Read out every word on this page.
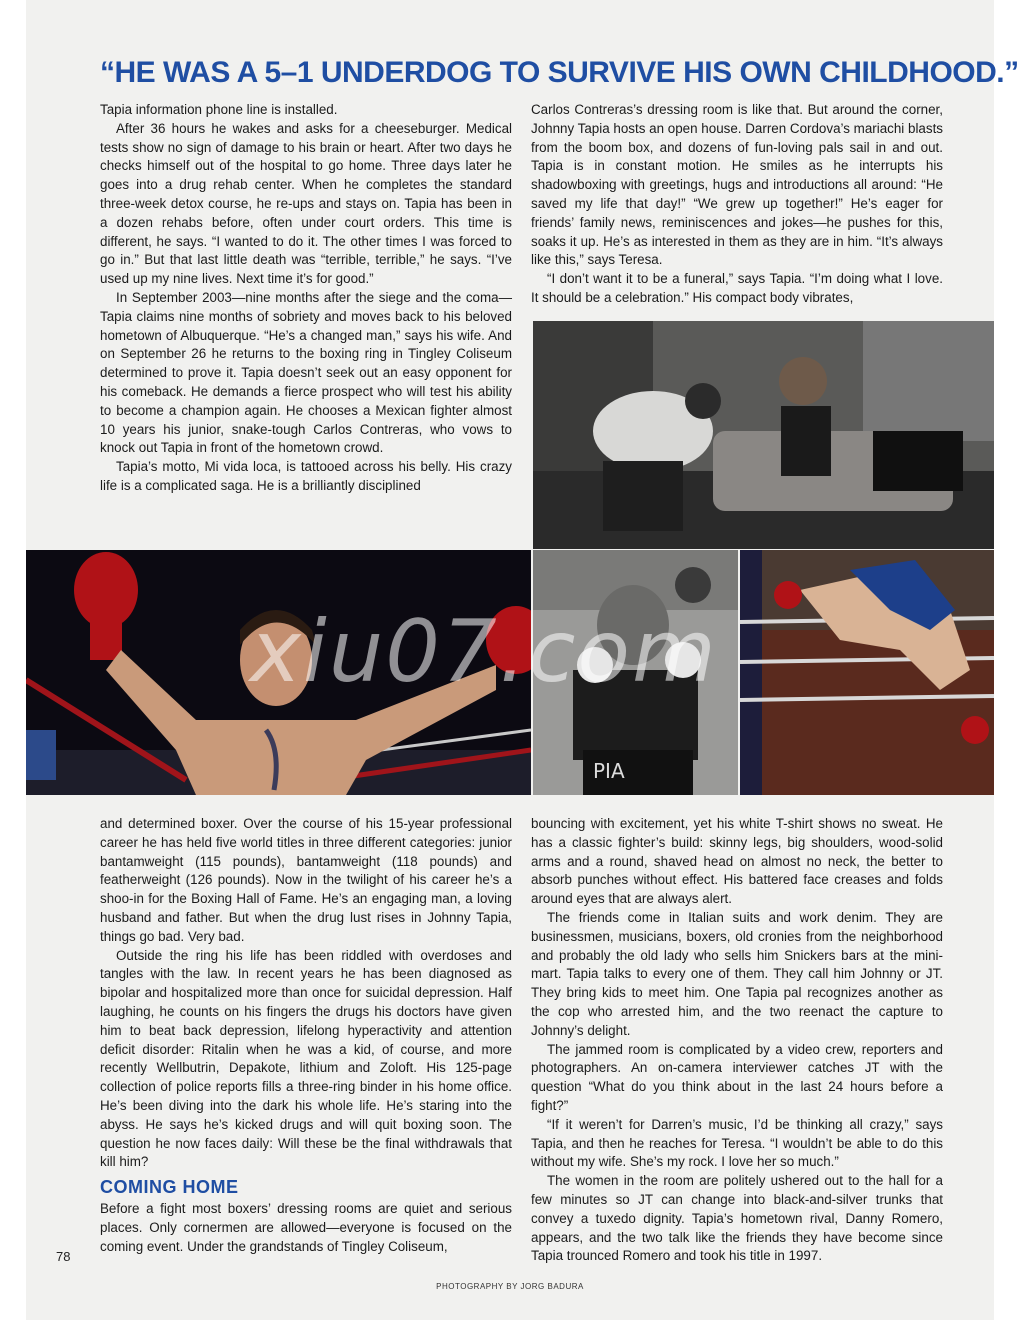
“HE WAS A 5–1 UNDERDOG TO SURVIVE HIS OWN CHILDHOOD.”

Tapia information phone line is installed.

After 36 hours he wakes and asks for a cheeseburger. Medical tests show no sign of damage to his brain or heart. After two days he checks himself out of the hospital to go home. Three days later he goes into a drug rehab center. When he completes the standard three-week detox course, he re-ups and stays on. Tapia has been in a dozen rehabs before, often under court orders. This time is different, he says. “I wanted to do it. The other times I was forced to go in.” But that last little death was “terrible, terrible,” he says. “I’ve used up my nine lives. Next time it’s for good.”

In September 2003—nine months after the siege and the coma—Tapia claims nine months of sobriety and moves back to his beloved hometown of Albuquerque. “He’s a changed man,” says his wife. And on September 26 he returns to the boxing ring in Tingley Coliseum determined to prove it. Tapia doesn’t seek out an easy opponent for his comeback. He demands a fierce prospect who will test his ability to become a champion again. He chooses a Mexican fighter almost 10 years his junior, snake-tough Carlos Contreras, who vows to knock out Tapia in front of the hometown crowd.

Tapia’s motto, Mi vida loca, is tattooed across his belly. His crazy life is a complicated saga. He is a brilliantly disciplined

Carlos Contreras’s dressing room is like that. But around the corner, Johnny Tapia hosts an open house. Darren Cordova’s mariachi blasts from the boom box, and dozens of fun-loving pals sail in and out. Tapia is in constant motion. He smiles as he interrupts his shadowboxing with greetings, hugs and introductions all around: “He saved my life that day!” “We grew up together!” He’s eager for friends’ family news, reminiscences and jokes—he pushes for this, soaks it up. He’s as interested in them as they are in him. “It’s always like this,” says Teresa.

“I don’t want it to be a funeral,” says Tapia. “I’m doing what I love. It should be a celebration.” His compact body vibrates,

PIA
xiu07.com

and determined boxer. Over the course of his 15-year professional career he has held five world titles in three different categories: junior bantamweight (115 pounds), bantamweight (118 pounds) and featherweight (126 pounds). Now in the twilight of his career he’s a shoo-in for the Boxing Hall of Fame. He’s an engaging man, a loving husband and father. But when the drug lust rises in Johnny Tapia, things go bad. Very bad.

Outside the ring his life has been riddled with overdoses and tangles with the law. In recent years he has been diagnosed as bipolar and hospitalized more than once for suicidal depression. Half laughing, he counts on his fingers the drugs his doctors have given him to beat back depression, lifelong hyperactivity and attention deficit disorder: Ritalin when he was a kid, of course, and more recently Wellbutrin, Depakote, lithium and Zoloft. His 125-page collection of police reports fills a three-ring binder in his home office. He’s been diving into the dark his whole life. He’s staring into the abyss. He says he’s kicked drugs and will quit boxing soon. The question he now faces daily: Will these be the final withdrawals that kill him?

COMING HOME

Before a fight most boxers’ dressing rooms are quiet and serious places. Only cornermen are allowed—everyone is focused on the coming event. Under the grandstands of Tingley Coliseum,

bouncing with excitement, yet his white T-shirt shows no sweat. He has a classic fighter’s build: skinny legs, big shoulders, wood-solid arms and a round, shaved head on almost no neck, the better to absorb punches without effect. His battered face creases and folds around eyes that are always alert.

The friends come in Italian suits and work denim. They are businessmen, musicians, boxers, old cronies from the neighborhood and probably the old lady who sells him Snickers bars at the mini-mart. Tapia talks to every one of them. They call him Johnny or JT. They bring kids to meet him. One Tapia pal recognizes another as the cop who arrested him, and the two reenact the capture to Johnny’s delight.

The jammed room is complicated by a video crew, reporters and photographers. An on-camera interviewer catches JT with the question “What do you think about in the last 24 hours before a fight?”

“If it weren’t for Darren’s music, I’d be thinking all crazy,” says Tapia, and then he reaches for Teresa. “I wouldn’t be able to do this without my wife. She’s my rock. I love her so much.”

The women in the room are politely ushered out to the hall for a few minutes so JT can change into black-and-silver trunks that convey a tuxedo dignity. Tapia’s hometown rival, Danny Romero, appears, and the two talk like the friends they have become since Tapia trounced Romero and took his title in 1997.

78
PHOTOGRAPHY BY JORG BADURA
